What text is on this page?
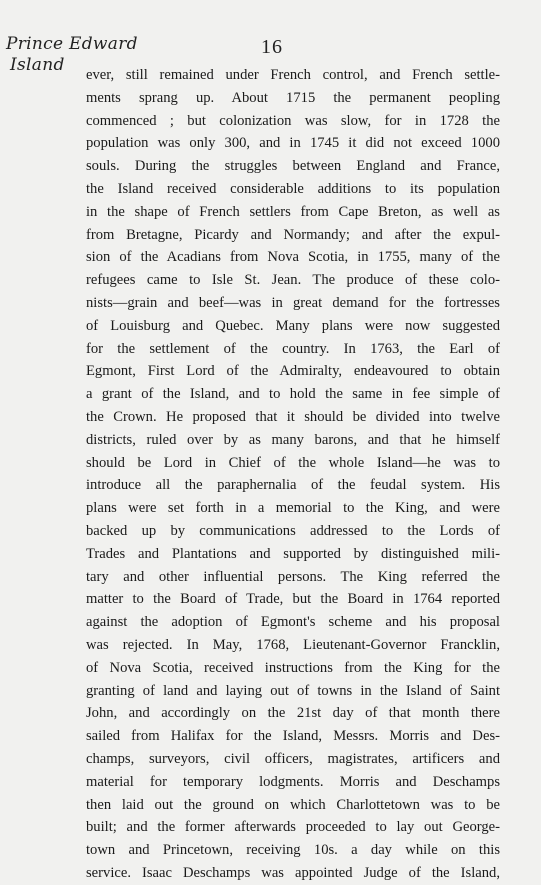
Prince Edward
Island
16
ever, still remained under French control, and French settle-
ments sprang up. About 1715 the permanent peopling
commenced ; but colonization was slow, for in 1728 the
population was only 300, and in 1745 it did not exceed 1000
souls. During the struggles between England and France,
the Island received considerable additions to its population
in the shape of French settlers from Cape Breton, as well as
from Bretagne, Picardy and Normandy; and after the expul-
sion of the Acadians from Nova Scotia, in 1755, many of the
refugees came to Isle St. Jean. The produce of these colo-
nists—grain and beef—was in great demand for the fortresses
of Louisburg and Quebec. Many plans were now suggested
for the settlement of the country. In 1763, the Earl of
Egmont, First Lord of the Admiralty, endeavoured to obtain
a grant of the Island, and to hold the same in fee simple of
the Crown. He proposed that it should be divided into twelve
districts, ruled over by as many barons, and that he himself
should be Lord in Chief of the whole Island—he was to
introduce all the paraphernalia of the feudal system. His
plans were set forth in a memorial to the King, and were
backed up by communications addressed to the Lords of
Trades and Plantations and supported by distinguished mili-
tary and other influential persons. The King referred the
matter to the Board of Trade, but the Board in 1764 reported
against the adoption of Egmont's scheme and his proposal
was rejected. In May, 1768, Lieutenant-Governor Francklin,
of Nova Scotia, received instructions from the King for the
granting of land and laying out of towns in the Island of Saint
John, and accordingly on the 21st day of that month there
sailed from Halifax for the Island, Messrs. Morris and Des-
champs, surveyors, civil officers, magistrates, artificers and
material for temporary lodgments. Morris and Deschamps
then laid out the ground on which Charlottetown was to be
built; and the former afterwards proceeded to lay out George-
town and Princetown, receiving 10s. a day while on this
service. Isaac Deschamps was appointed Judge of the Island,
